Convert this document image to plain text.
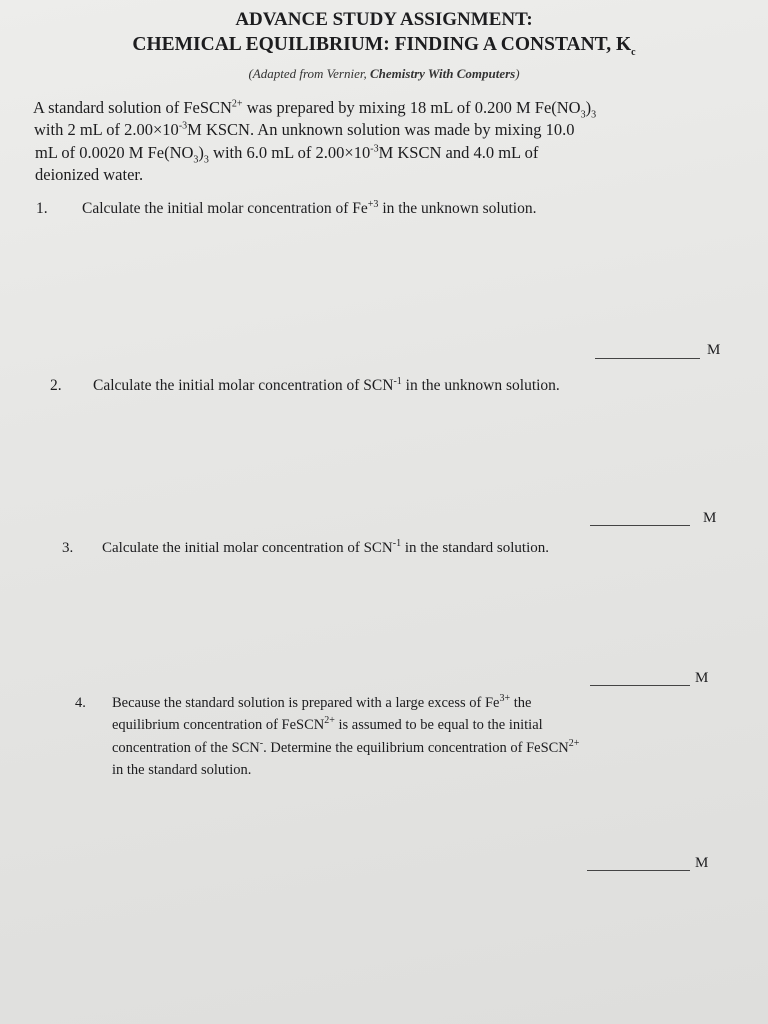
ADVANCE STUDY ASSIGNMENT:
CHEMICAL EQUILIBRIUM: FINDING A CONSTANT, $K_c$
(Adapted from Vernier, Chemistry With Computers)
A standard solution of FeSCN$^{2+}$ was prepared by mixing 18 mL of 0.200 M $Fe(NO_3)_3$
with 2 mL of $2.00\times 10^{-3}M$ KSCN. An unknown solution was made by mixing 10.0
mL of 0.0020 M $Fe(NO_3)_3$ with 6.0 mL of $2.00\times 10^{-3}M$ KSCN and 4.0 mL of
deionized water.
1. Calculate the initial molar concentration of $Fe^{+3}$ in the unknown solution.
M
2. Calculate the initial molar concentration of $SCN^{-1}$ in the unknown solution.
M
3. Calculate the initial molar concentration of $SCN^{-1}$ in the standard solution.
M
4. Because the standard solution is prepared with a large excess of $Fe^{3+}$ the
equilibrium concentration of FeSCN$^{2+}$ is assumed to be equal to the initial
concentration of the SCN-. Determine the equilibrium concentration of FeSCN$^{2+}$
in the standard solution.
M
